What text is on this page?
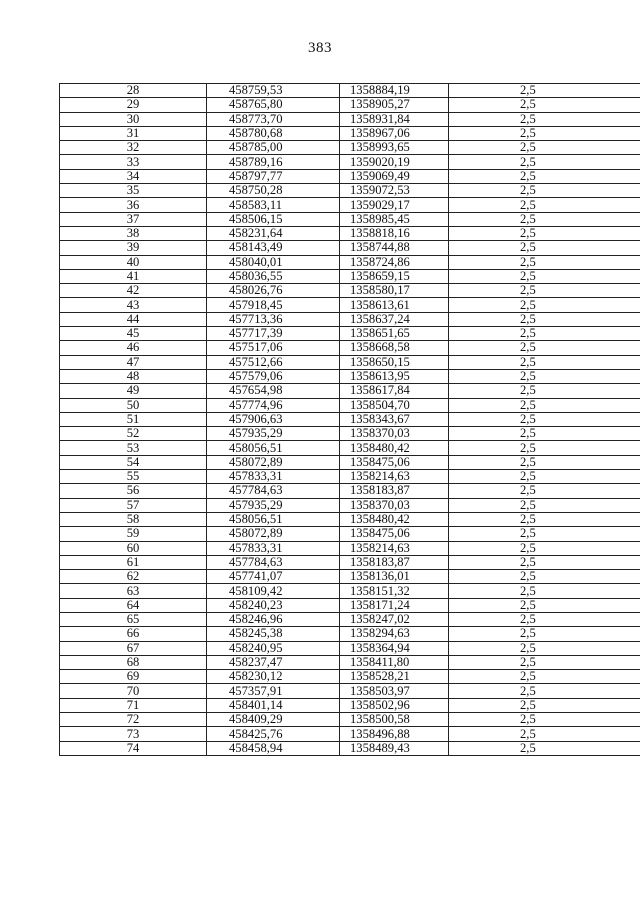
383
28	458759,53	1358884,19	2,5
29	458765,80	1358905,27	2,5
30	458773,70	1358931,84	2,5
31	458780,68	1358967,06	2,5
32	458785,00	1358993,65	2,5
33	458789,16	1359020,19	2,5
34	458797,77	1359069,49	2,5
35	458750,28	1359072,53	2,5
36	458583,11	1359029,17	2,5
37	458506,15	1358985,45	2,5
38	458231,64	1358818,16	2,5
39	458143,49	1358744,88	2,5
40	458040,01	1358724,86	2,5
41	458036,55	1358659,15	2,5
42	458026,76	1358580,17	2,5
43	457918,45	1358613,61	2,5
44	457713,36	1358637,24	2,5
45	457717,39	1358651,65	2,5
46	457517,06	1358668,58	2,5
47	457512,66	1358650,15	2,5
48	457579,06	1358613,95	2,5
49	457654,98	1358617,84	2,5
50	457774,96	1358504,70	2,5
51	457906,63	1358343,67	2,5
52	457935,29	1358370,03	2,5
53	458056,51	1358480,42	2,5
54	458072,89	1358475,06	2,5
55	457833,31	1358214,63	2,5
56	457784,63	1358183,87	2,5
57	457935,29	1358370,03	2,5
58	458056,51	1358480,42	2,5
59	458072,89	1358475,06	2,5
60	457833,31	1358214,63	2,5
61	457784,63	1358183,87	2,5
62	457741,07	1358136,01	2,5
63	458109,42	1358151,32	2,5
64	458240,23	1358171,24	2,5
65	458246,96	1358247,02	2,5
66	458245,38	1358294,63	2,5
67	458240,95	1358364,94	2,5
68	458237,47	1358411,80	2,5
69	458230,12	1358528,21	2,5
70	457357,91	1358503,97	2,5
71	458401,14	1358502,96	2,5
72	458409,29	1358500,58	2,5
73	458425,76	1358496,88	2,5
74	458458,94	1358489,43	2,5
